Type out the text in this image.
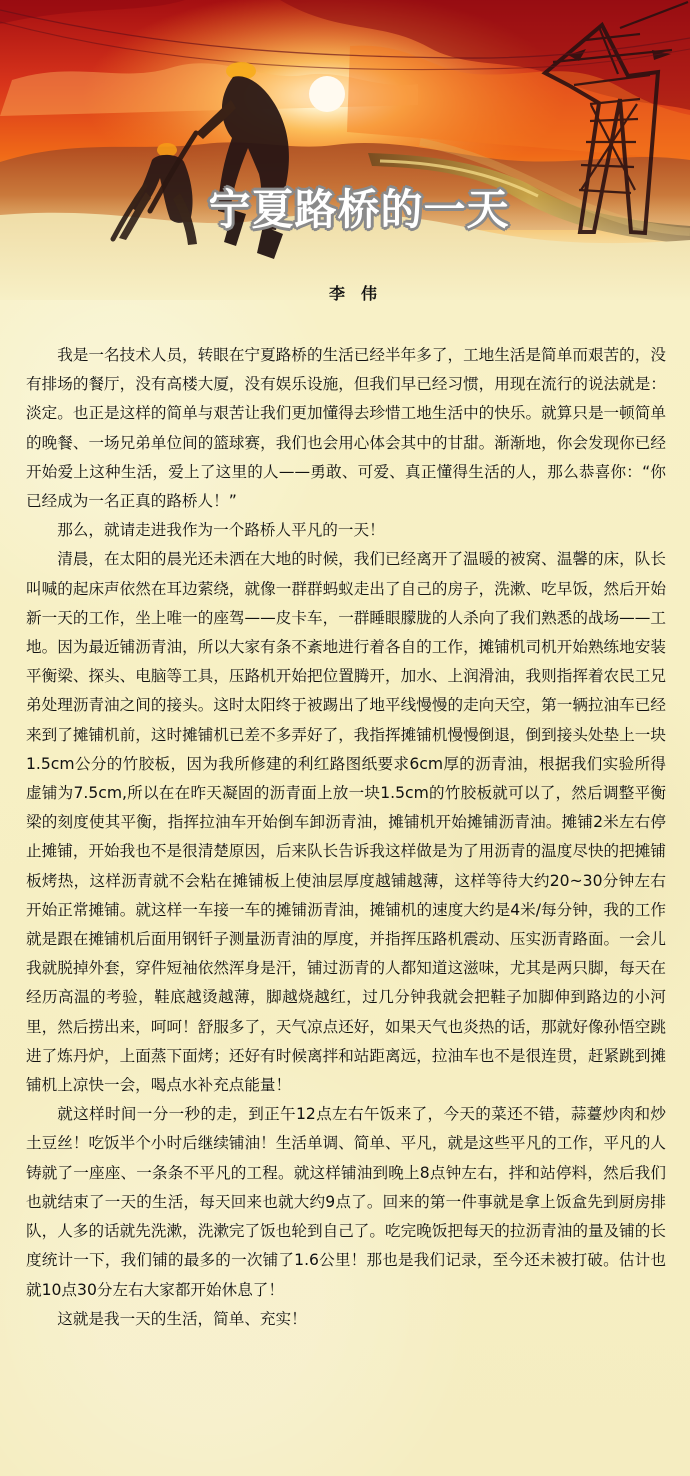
宁夏路桥的一天
李　伟

我是一名技术人员，转眼在宁夏路桥的生活已经半年多了，工地生活是简单而艰苦的，没有排场的餐厅，没有高楼大厦，没有娱乐设施，但我们早已经习惯，用现在流行的说法就是：淡定。也正是这样的简单与艰苦让我们更加懂得去珍惜工地生活中的快乐。就算只是一顿简单的晚餐、一场兄弟单位间的篮球赛，我们也会用心体会其中的甘甜。渐渐地，你会发现你已经开始爱上这种生活，爱上了这里的人——勇敢、可爱、真正懂得生活的人，那么恭喜你：“你已经成为一名正真的路桥人！”

那么，就请走进我作为一个路桥人平凡的一天！

清晨，在太阳的晨光还未洒在大地的时候，我们已经离开了温暖的被窝、温馨的床，队长叫喊的起床声依然在耳边萦绕，就像一群群蚂蚁走出了自己的房子，洗漱、吃早饭，然后开始新一天的工作，坐上唯一的座驾——皮卡车，一群睡眼朦胧的人杀向了我们熟悉的战场——工地。因为最近铺沥青油，所以大家有条不紊地进行着各自的工作，摊铺机司机开始熟练地安装平衡梁、探头、电脑等工具，压路机开始把位置腾开，加水、上润滑油，我则指挥着农民工兄弟处理沥青油之间的接头。这时太阳终于被踢出了地平线慢慢的走向天空，第一辆拉油车已经来到了摊铺机前，这时摊铺机已差不多弄好了，我指挥摊铺机慢慢倒退，倒到接头处垫上一块1.5cm公分的竹胶板，因为我所修建的利红路图纸要求6cm厚的沥青油，根据我们实验所得虚铺为7.5cm,所以在在昨天凝固的沥青面上放一块1.5cm的竹胶板就可以了，然后调整平衡梁的刻度使其平衡，指挥拉油车开始倒车卸沥青油，摊铺机开始摊铺沥青油。摊铺2米左右停止摊铺，开始我也不是很清楚原因，后来队长告诉我这样做是为了用沥青的温度尽快的把摊铺板烤热，这样沥青就不会粘在摊铺板上使油层厚度越铺越薄，这样等待大约20~30分钟左右开始正常摊铺。就这样一车接一车的摊铺沥青油，摊铺机的速度大约是4米/每分钟，我的工作就是跟在摊铺机后面用钢钎子测量沥青油的厚度，并指挥压路机震动、压实沥青路面。一会儿我就脱掉外套，穿件短袖依然浑身是汗，铺过沥青的人都知道这滋味，尤其是两只脚，每天在经历高温的考验，鞋底越烫越薄，脚越烧越红，过几分钟我就会把鞋子加脚伸到路边的小河里，然后捞出来，呵呵！舒服多了，天气凉点还好，如果天气也炎热的话，那就好像孙悟空跳进了炼丹炉，上面蒸下面烤；还好有时候离拌和站距离远，拉油车也不是很连贯，赶紧跳到摊铺机上凉快一会，喝点水补充点能量！

就这样时间一分一秒的走，到正午12点左右午饭来了，今天的菜还不错，蒜薹炒肉和炒土豆丝！吃饭半个小时后继续铺油！生活单调、简单、平凡，就是这些平凡的工作，平凡的人铸就了一座座、一条条不平凡的工程。就这样铺油到晚上8点钟左右，拌和站停料，然后我们也就结束了一天的生活，每天回来也就大约9点了。回来的第一件事就是拿上饭盒先到厨房排队，人多的话就先洗漱，洗漱完了饭也轮到自己了。吃完晚饭把每天的拉沥青油的量及铺的长度统计一下，我们铺的最多的一次铺了1.6公里！那也是我们记录，至今还未被打破。估计也就10点30分左右大家都开始休息了！

这就是我一天的生活，简单、充实！
